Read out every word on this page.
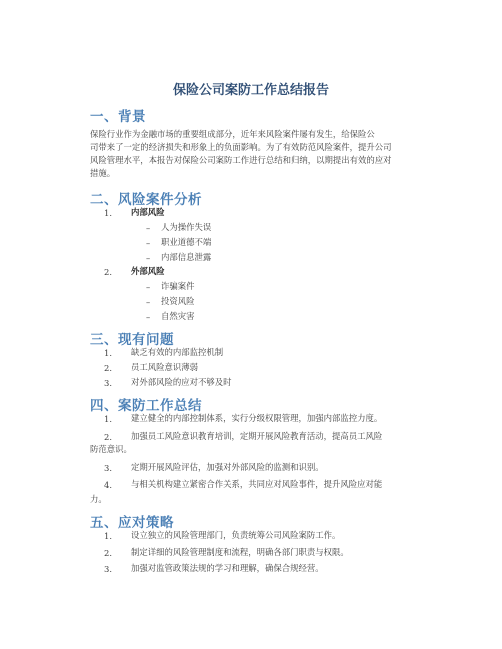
保险公司案防工作总结报告
一、背景
保险行业作为金融市场的重要组成部分，近年来风险案件屡有发生，给保险公
司带来了一定的经济损失和形象上的负面影响。为了有效防范风险案件，提升公司
风险管理水平，本报告对保险公司案防工作进行总结和归纳，以期提出有效的应对
措施。
二、风险案件分析
1. 内部风险
– 人为操作失误
– 职业道德不端
– 内部信息泄露
2. 外部风险
– 诈骗案件
– 投资风险
– 自然灾害
三、现有问题
1. 缺乏有效的内部监控机制
2. 员工风险意识薄弱
3. 对外部风险的应对不够及时
四、案防工作总结
1. 建立健全的内部控制体系，实行分级权限管理，加强内部监控力度。
2. 加强员工风险意识教育培训，定期开展风险教育活动，提高员工风险
防范意识。
3. 定期开展风险评估，加强对外部风险的监测和识别。
4. 与相关机构建立紧密合作关系，共同应对风险事件，提升风险应对能
力。
五、应对策略
1. 设立独立的风险管理部门，负责统筹公司风险案防工作。
2. 制定详细的风险管理制度和流程，明确各部门职责与权限。
3. 加强对监管政策法规的学习和理解，确保合规经营。
